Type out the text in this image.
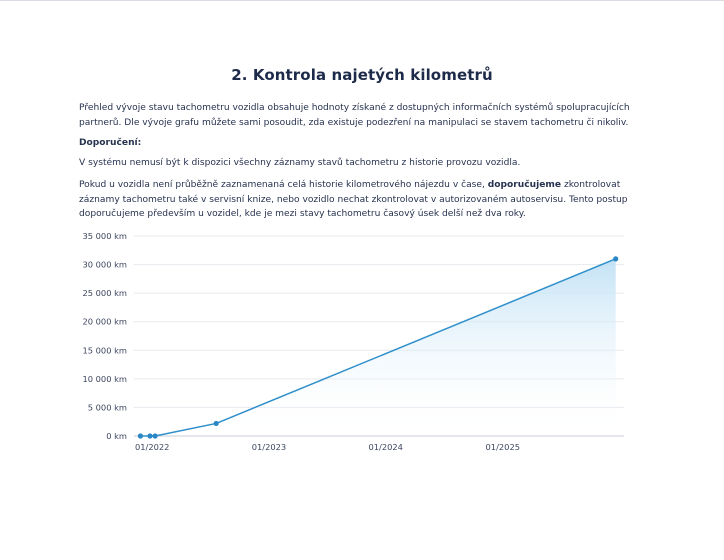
2. Kontrola najetých kilometrů
Přehled vývoje stavu tachometru vozidla obsahuje hodnoty získané z dostupných informačních systémů spolupracujících partnerů. Dle vývoje grafu můžete sami posoudit, zda existuje podezření na manipulaci se stavem tachometru či nikoliv.
Doporučení:
V systému nemusí být k dispozici všechny záznamy stavů tachometru z historie provozu vozidla.
Pokud u vozidla není průběžně zaznamenaná celá historie kilometrového nájezdu v čase, doporučujeme zkontrolovat záznamy tachometru také v servisní knize, nebo vozidlo nechat zkontrolovat v autorizovaném autoservisu. Tento postup doporučujeme především u vozidel, kde je mezi stavy tachometru časový úsek delší než dva roky.
0 km
5 000 km
10 000 km
15 000 km
20 000 km
25 000 km
30 000 km
35 000 km
01/2022	01/2023	01/2024	01/2025
